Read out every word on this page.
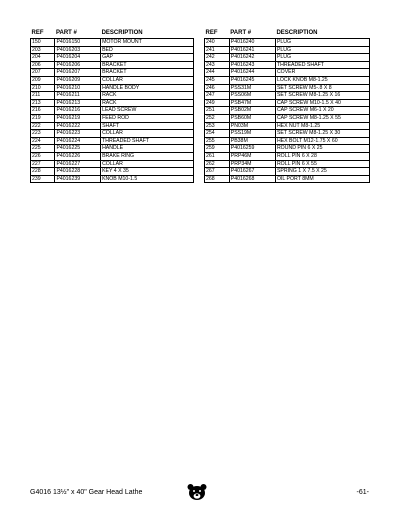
REF	PART #	DESCRIPTION
150	P4016150	MOTOR MOUNT
203	P4016203	BED
204	P4016204	GAP
206	P4016206	BRACKET
207	P4016207	BRACKET
209	P4016209	COLLAR
210	P4016210	HANDLE BODY
211	P4016211	RACK
213	P4016213	RACK
216	P4016216	LEAD SCREW
219	P4016219	FEED ROD
222	P4016222	SHAFT
223	P4016223	COLLAR
224	P4016224	THREADED SHAFT
225	P4016225	HANDLE
226	P4016226	BRAKE RING
227	P4016227	COLLAR
228	P4016228	KEY 4 X 35
239	P4016239	KNOB M10-1.5
REF	PART #	DESCRIPTION
240	P4016240	PLUG
241	P4016241	PLUG
242	P4016242	PLUG
243	P4016243	THREADED SHAFT
244	P4016244	COVER
245	P4016245	LOCK KNOB M8-1.25
246	PSS31M	SET SCREW M5-.8 X 8
247	PSS06M	SET SCREW M8-1.25 X 16
249	PSB47M	CAP SCREW M10-1.5 X 40
251	PSB02M	CAP SCREW M6-1 X 20
252	PSB60M	CAP SCREW M8-1.25 X 55
253	PN03M	HEX NUT M8-1.25
254	PSS19M	SET SCREW M8-1.25 X 30
255	PB38M	HEX BOLT M12-1.75 X 60
259	P4016259	ROUND PIN 6 X 25
261	PRP46M	ROLL PIN 6 X 28
262	PRP34M	ROLL PIN 6 X 55
267	P4016267	SPRING 1 X 7.5 X 25
268	P4016268	OIL PORT 8MM
G4016 13½" x 40" Gear Head Lathe	-61-
